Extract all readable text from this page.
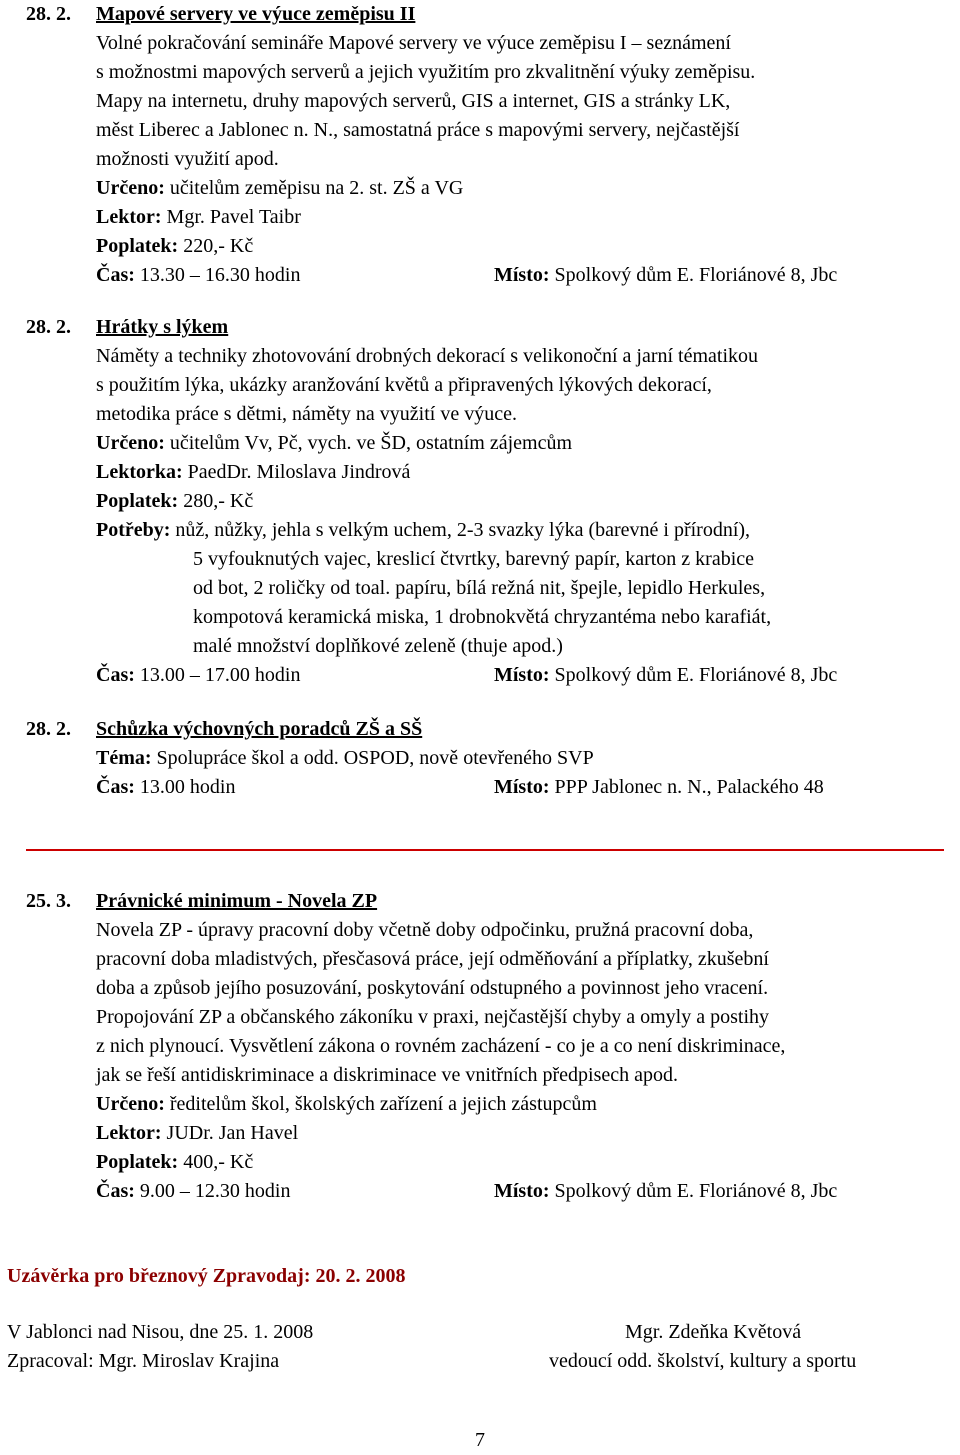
28. 2. Mapové servery ve výuce zeměpisu II
Volné pokračování semináře Mapové servery ve výuce zeměpisu I – seznámení
s možnostmi mapových serverů a jejich využitím pro zkvalitnění výuky zeměpisu.
Mapy na internetu, druhy mapových serverů, GIS a internet, GIS a stránky LK,
měst Liberec a Jablonec n. N., samostatná práce s mapovými servery, nejčastější
možnosti využití apod.
Určeno: učitelům zeměpisu na 2. st. ZŠ a VG
Lektor: Mgr. Pavel Taibr
Poplatek: 220,- Kč
Čas: 13.30 – 16.30 hodin	Místo: Spolkový dům E. Floriánové 8, Jbc
28. 2. Hrátky s lýkem
Náměty a techniky zhotovování drobných dekorací s velikonoční a jarní tématikou
s použitím lýka, ukázky aranžování květů a připravených lýkových dekorací,
metodika práce s dětmi, náměty na využití ve výuce.
Určeno: učitelům Vv, Pč, vych. ve ŠD, ostatním zájemcům
Lektorka: PaedDr. Miloslava Jindrová
Poplatek: 280,- Kč
Potřeby: nůž, nůžky, jehla s velkým uchem, 2-3 svazky lýka (barevné i přírodní),
5 vyfouknutých vajec, kreslicí čtvrtky, barevný papír, karton z krabice
od bot, 2 roličky od toal. papíru, bílá režná nit, špejle, lepidlo Herkules,
kompotová keramická miska, 1 drobnokvětá chryzantéma nebo karafiát,
malé množství doplňkové zeleně (thuje apod.)
Čas: 13.00 – 17.00 hodin	Místo: Spolkový dům E. Floriánové 8, Jbc
28. 2. Schůzka výchovných poradců ZŠ a SŠ
Téma: Spolupráce škol a odd. OSPOD, nově otevřeného SVP
Čas: 13.00 hodin	Místo: PPP Jablonec n. N., Palackého 48
25. 3. Právnické minimum - Novela ZP
Novela ZP - úpravy pracovní doby včetně doby odpočinku, pružná pracovní doba,
pracovní doba mladistvých, přesčasová práce, její odměňování a příplatky, zkušební
doba a způsob jejího posuzování, poskytování odstupného a povinnost jeho vracení.
Propojování ZP a občanského zákoníku v praxi, nejčastější chyby a omyly a postihy
z nich plynoucí. Vysvětlení zákona o rovném zacházení - co je a co není diskriminace,
jak se řeší antidiskriminace a diskriminace ve vnitřních předpisech apod.
Určeno: ředitelům škol, školských zařízení a jejich zástupcům
Lektor: JUDr. Jan Havel
Poplatek: 400,- Kč
Čas: 9.00 – 12.30 hodin	Místo: Spolkový dům E. Floriánové 8, Jbc
Uzávěrka pro březnový Zpravodaj: 20. 2. 2008
V Jablonci nad Nisou, dne 25. 1. 2008
Zpracoval: Mgr. Miroslav Krajina
Mgr. Zdeňka Květová
vedoucí odd. školství, kultury a sportu
7
